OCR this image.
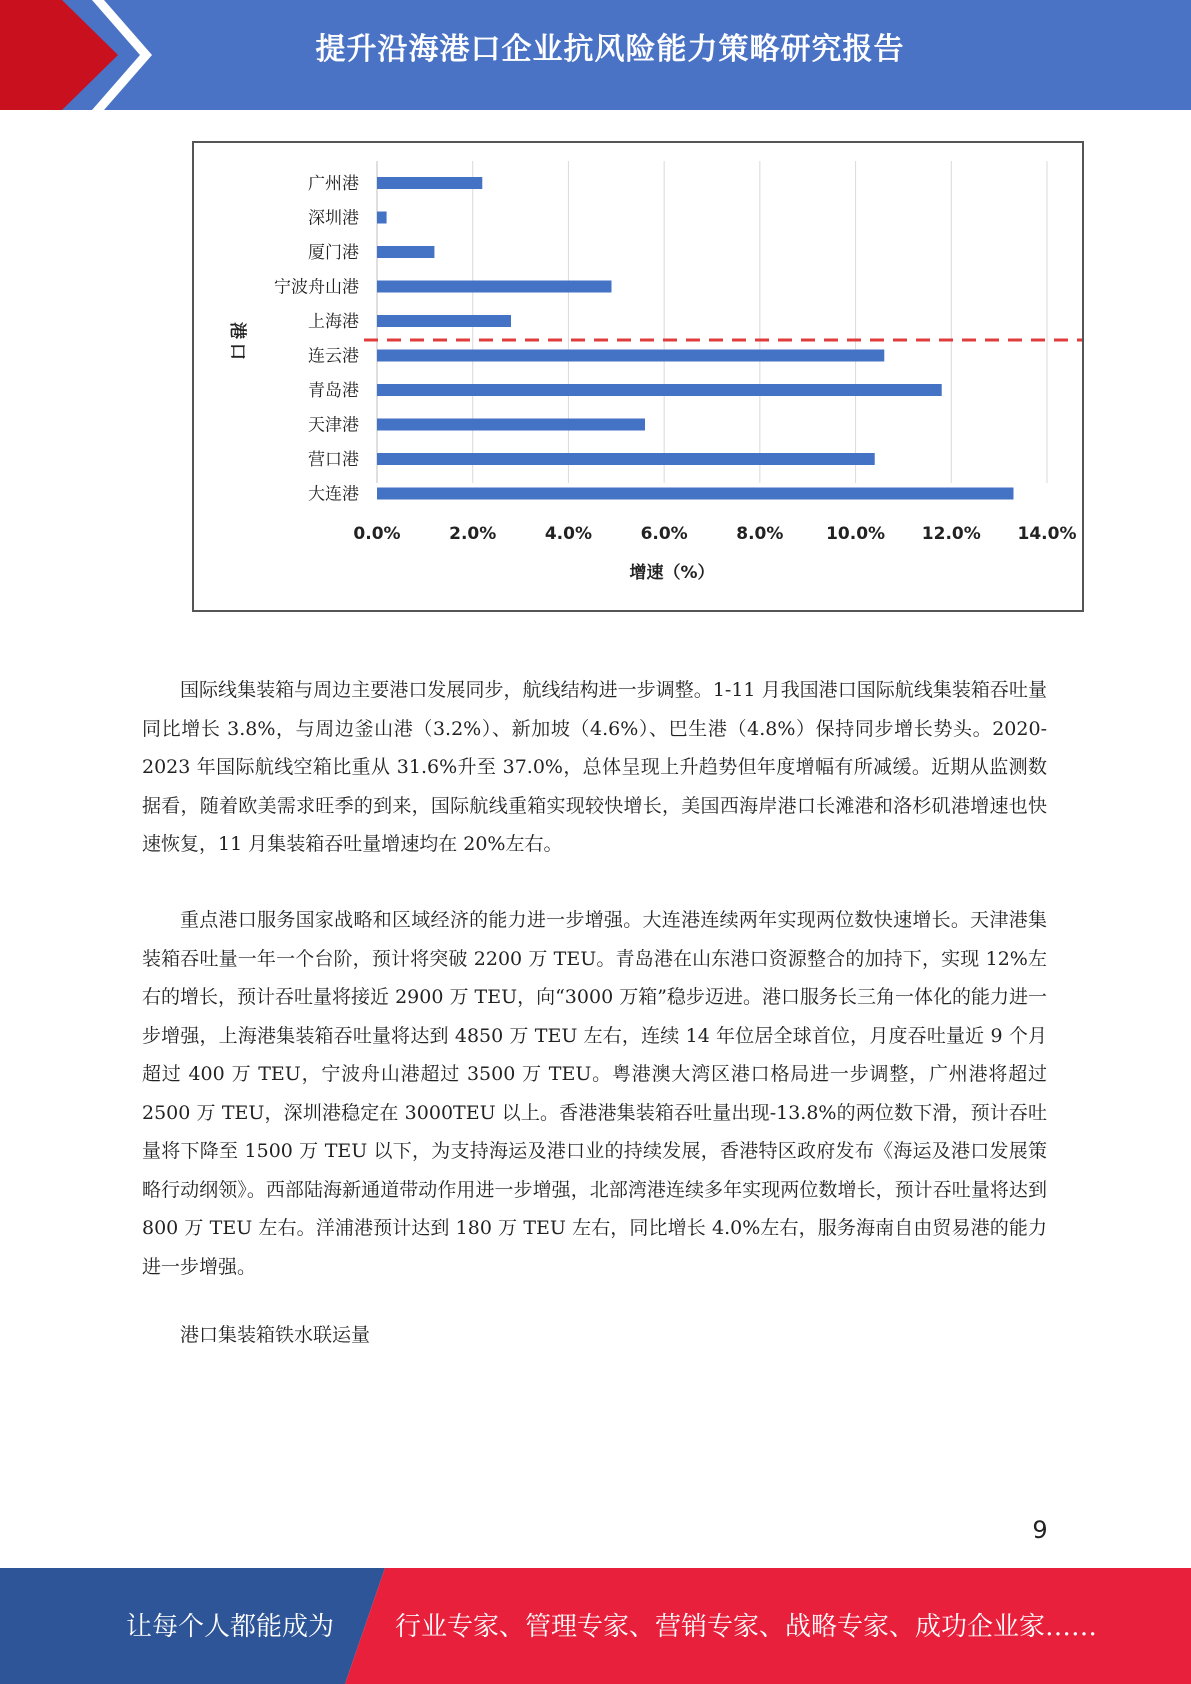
提升沿海港口企业抗风险能力策略研究报告
广州港
深圳港
厦门港
宁波舟山港
上海港
连云港
青岛港
天津港
营口港
大连港
0.0%	2.0%	4.0%	6.0%	8.0%	10.0% 12.0% 14.0%
增速（%）
港口

国际线集装箱与周边主要港口发展同步，航线结构进一步调整。1-11 月我国港口国际航线集装箱吞吐量同比增长 3.8%，与周边釜山港（3.2%）、新加坡（4.6%）、巴生港（4.8%）保持同步增长势头。2020-2023 年国际航线空箱比重从 31.6%升至 37.0%，总体呈现上升趋势但年度增幅有所减缓。近期从监测数据看，随着欧美需求旺季的到来，国际航线重箱实现较快增长，美国西海岸港口长滩港和洛杉矶港增速也快速恢复，11 月集装箱吞吐量增速均在 20%左右。

重点港口服务国家战略和区域经济的能力进一步增强。大连港连续两年实现两位数快速增长。天津港集装箱吞吐量一年一个台阶，预计将突破 2200 万 TEU。青岛港在山东港口资源整合的加持下，实现 12%左右的增长，预计吞吐量将接近 2900 万 TEU，向“3000 万箱”稳步迈进。港口服务长三角一体化的能力进一步增强，上海港集装箱吞吐量将达到 4850 万 TEU 左右，连续 14 年位居全球首位，月度吞吐量近 9 个月超过 400 万 TEU，宁波舟山港超过 3500 万 TEU。粤港澳大湾区港口格局进一步调整，广州港将超过 2500 万 TEU，深圳港稳定在 3000TEU 以上。香港港集装箱吞吐量出现-13.8%的两位数下滑，预计吞吐量将下降至 1500 万 TEU 以下，为支持海运及港口业的持续发展，香港特区政府发布《海运及港口发展策略行动纲领》。西部陆海新通道带动作用进一步增强，北部湾港连续多年实现两位数增长，预计吞吐量将达到 800 万 TEU 左右。洋浦港预计达到 180 万 TEU 左右，同比增长 4.0%左右，服务海南自由贸易港的能力进一步增强。

港口集装箱铁水联运量

9
让每个人都能成为	行业专家、管理专家、营销专家、战略专家、成功企业家……
